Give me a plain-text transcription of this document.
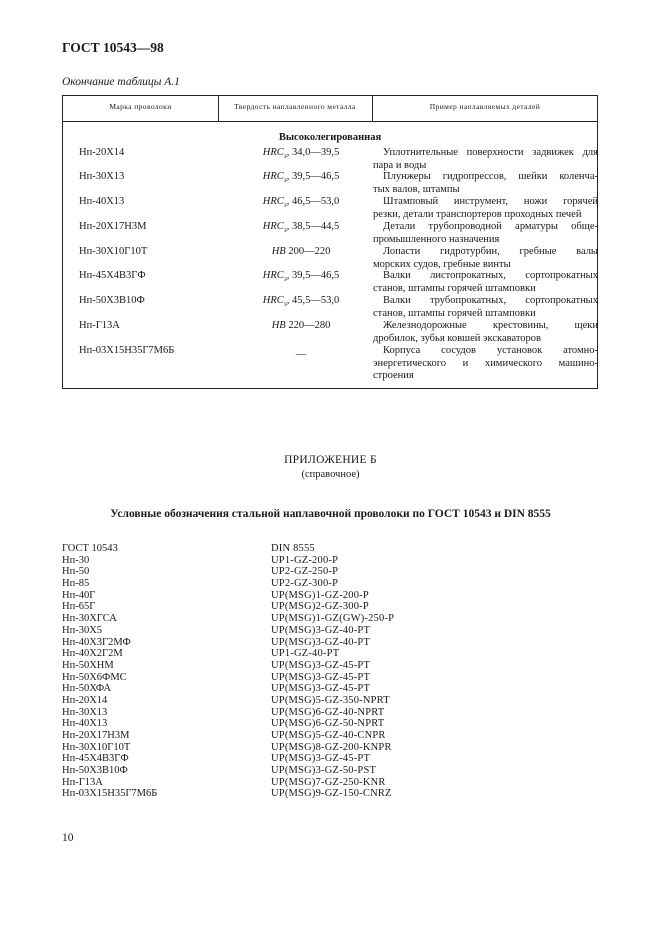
ГОСТ 10543—98
Окончание таблицы А.1
Марка проволоки	Твердость наплавленного металла	Пример наплавляемых деталей
Высоколегированная
Нп-20Х14	$HRC_э$, 34,0—39,5	Уплотнительные поверхности задвижек для
пара и воды
Нп-30Х13	$HRC_э$, 39,5—46,5	Плунжеры гидропрессов, шейки коленча-
тых валов, штампы
Нп-40Х13	$HRC_э$, 46,5—53,0	Штамповый инструмент, ножи горячей
резки, детали транспортеров проходных печей
Нп-20Х17Н3М	$HRC_э$, 38,5—44,5	Детали трубопроводной арматуры обще-
промышленного назначения
Нп-30Х10Г10Т	HB 200—220	Лопасти гидротурбин, гребные валы
морских судов, гребные винты
Нп-45Х4В3ГФ	$HRC_э$, 39,5—46,5	Валки листопрокатных, сортопрокатных
станов, штампы горячей штамповки
Нп-50Х3В10Ф	$HRC_э$, 45,5—53,0	Валки трубопрокатных, сортопрокатных
станов, штампы горячей штамповки
Нп-Г13А	HB 220—280	Железнодорожные крестовины, щеки
дробилок, зубья ковшей экскаваторов
Нп-03Х15Н35Г7М6Б	—	Корпуса сосудов установок атомно-
энергетического и химического машино-
строения
ПРИЛОЖЕНИЕ Б
(справочное)
Условные обозначения стальной наплавочной проволоки по ГОСТ 10543 и DIN 8555
ГОСТ 10543	DIN 8555
Нп-30	UP1-GZ-200-P
Нп-50	UP2-GZ-250-P
Нп-85	UP2-GZ-300-P
Нп-40Г	UP(MSG)1-GZ-200-P
Нп-65Г	UP(MSG)2-GZ-300-P
Нп-30ХГСА	UP(MSG)1-GZ(GW)-250-P
Нп-30Х5	UP(MSG)3-GZ-40-PT
Нп-40Х3Г2МФ	UP(MSG)3-GZ-40-PT
Нп-40Х2Г2М	UP1-GZ-40-PT
Нп-50ХНМ	UP(MSG)3-GZ-45-PT
Нп-50Х6ФМС	UP(MSG)3-GZ-45-PT
Нп-50ХФА	UP(MSG)3-GZ-45-PT
Нп-20Х14	UP(MSG)5-GZ-350-NPRT
Нп-30Х13	UP(MSG)6-GZ-40-NPRT
Нп-40Х13	UP(MSG)6-GZ-50-NPRT
Нп-20Х17Н3М	UP(MSG)5-GZ-40-CNPR
Нп-30Х10Г10Т	UP(MSG)8-GZ-200-KNPR
Нп-45Х4В3ГФ	UP(MSG)3-GZ-45-PT
Нп-50Х3В10Ф	UP(MSG)3-GZ-50-PST
Нп-Г13А	UP(MSG)7-GZ-250-KNR
Нп-03Х15Н35Г7М6Б	UP(MSG)9-GZ-150-CNRZ
10
